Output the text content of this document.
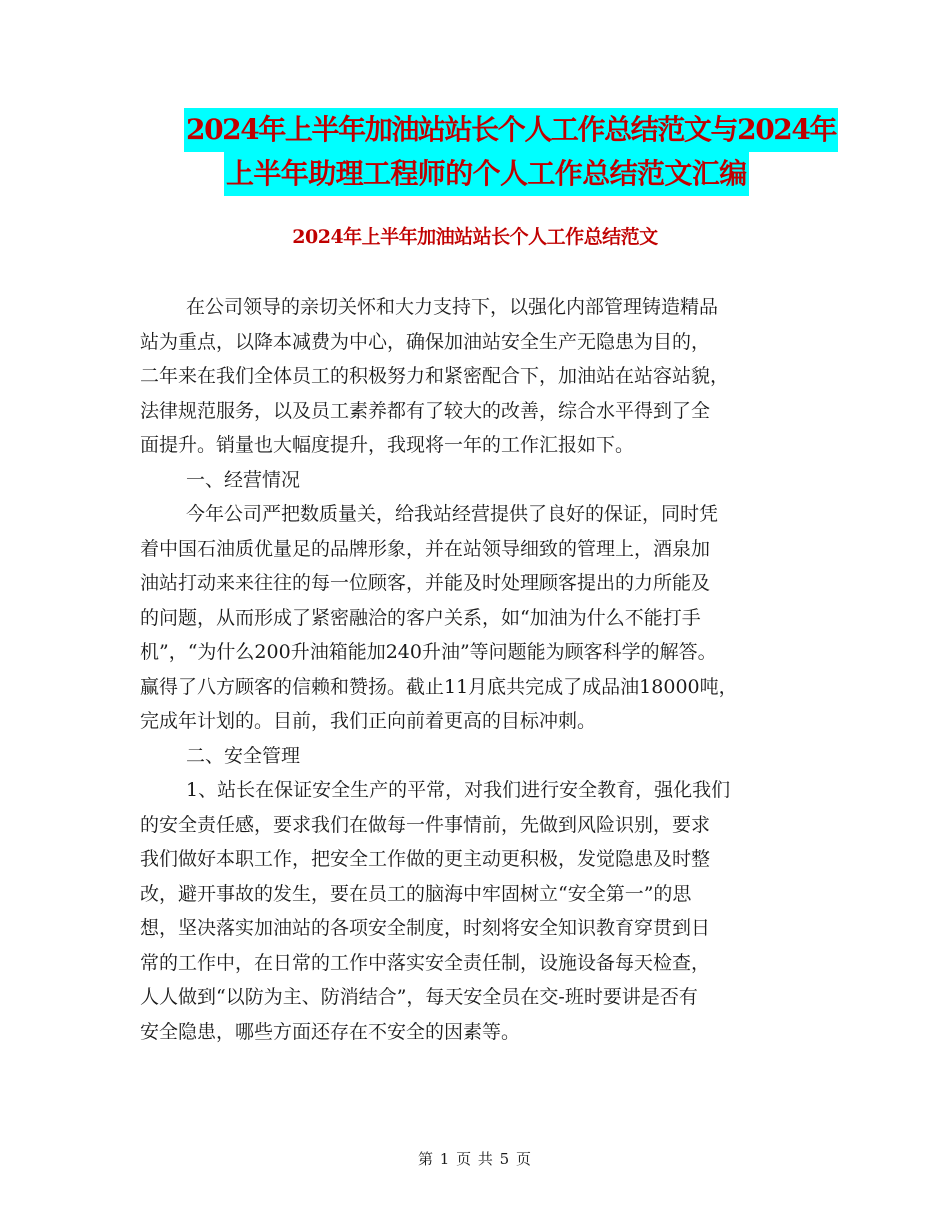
2024年上半年加油站站长个人工作总结范文与2024年
上半年助理工程师的个人工作总结范文汇编
2024年上半年加油站站长个人工作总结范文
在公司领导的亲切关怀和大力支持下，以强化内部管理铸造精品
站为重点，以降本减费为中心，确保加油站安全生产无隐患为目的，
二年来在我们全体员工的积极努力和紧密配合下，加油站在站容站貌，
法律规范服务，以及员工素养都有了较大的改善，综合水平得到了全
面提升。销量也大幅度提升，我现将一年的工作汇报如下。
一、经营情况
今年公司严把数质量关，给我站经营提供了良好的保证，同时凭
着中国石油质优量足的品牌形象，并在站领导细致的管理上，酒泉加
油站打动来来往往的每一位顾客，并能及时处理顾客提出的力所能及
的问题，从而形成了紧密融洽的客户关系，如“加油为什么不能打手
机”，“为什么200升油箱能加240升油”等问题能为顾客科学的解答。
赢得了八方顾客的信赖和赞扬。截止11月底共完成了成品油18000吨，
完成年计划的。目前，我们正向前着更高的目标冲刺。
二、安全管理
1、站长在保证安全生产的平常，对我们进行安全教育，强化我们
的安全责任感，要求我们在做每一件事情前，先做到风险识别，要求
我们做好本职工作，把安全工作做的更主动更积极，发觉隐患及时整
改，避开事故的发生，要在员工的脑海中牢固树立“安全第一”的思
想，坚决落实加油站的各项安全制度，时刻将安全知识教育穿贯到日
常的工作中，在日常的工作中落实安全责任制，设施设备每天检查，
人人做到“以防为主、防消结合”，每天安全员在交-班时要讲是否有
安全隐患，哪些方面还存在不安全的因素等。
第 1 页 共 5 页
